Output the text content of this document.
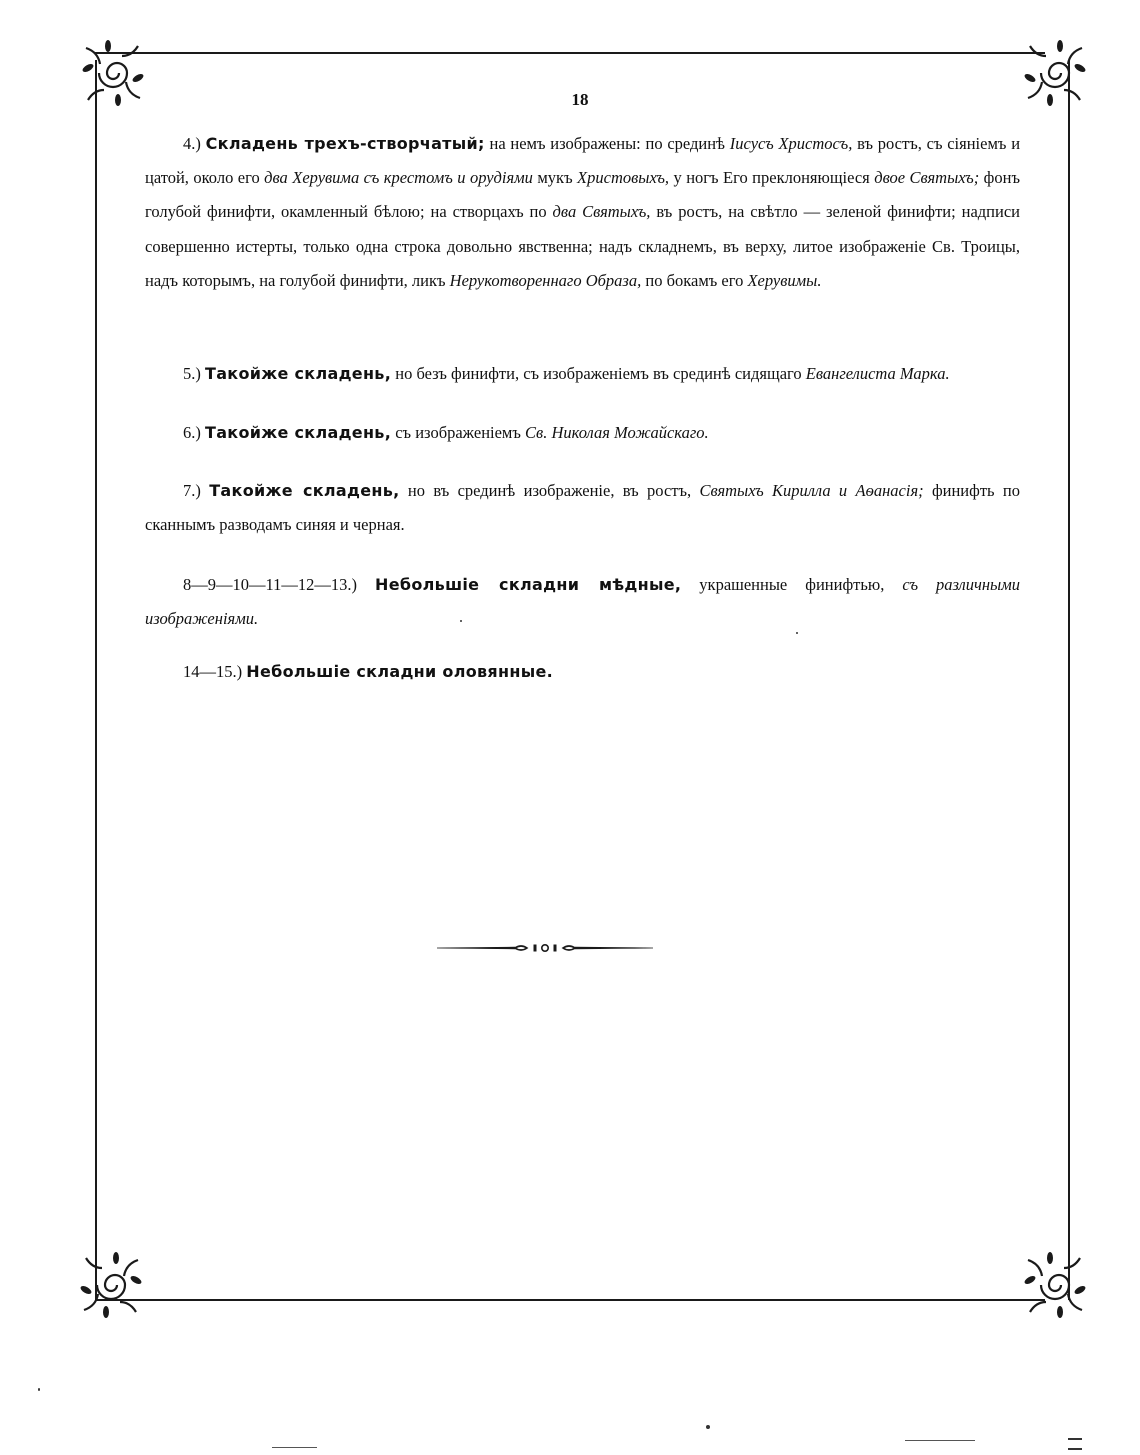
18

4.) Складень трехъ-створчатый; на немъ изображены: по срединѣ Іисусъ Христосъ, въ ростъ, съ сіяніемъ и цатой, около его два Херувима съ крестомъ и орудіями мукъ Христовыхъ, у ногъ Его преклоняющіеся двое Святыхъ; фонъ голубой финифти, окамленный бѣлою; на створцахъ по два Святыхъ, въ ростъ, на свѣтло — зеленой финифти; надписи совершенно истерты, только одна строка довольно явственна; надъ складнемъ, въ верху, литое изображеніе Св. Троицы, надъ которымъ, на голубой финифти, ликъ Нерукотвореннаго Образа, по бокамъ его Херувимы.

5.) Такойже складень, но безъ финифти, съ изображеніемъ въ срединѣ сидящаго Евангелиста Марка.

6.) Такойже складень, съ изображеніемъ Св. Николая Можайскаго.

7.) Такойже складень, но въ срединѣ изображеніе, въ ростъ, Святыхъ Кирилла и Аѳанасія; финифть по сканнымъ разводамъ синяя и черная.

8—9—10—11—12—13.) Небольшіе складни мѣдные, украшенные финифтью, съ различными изображеніями.

14—15.) Небольшіе складни оловянные.
